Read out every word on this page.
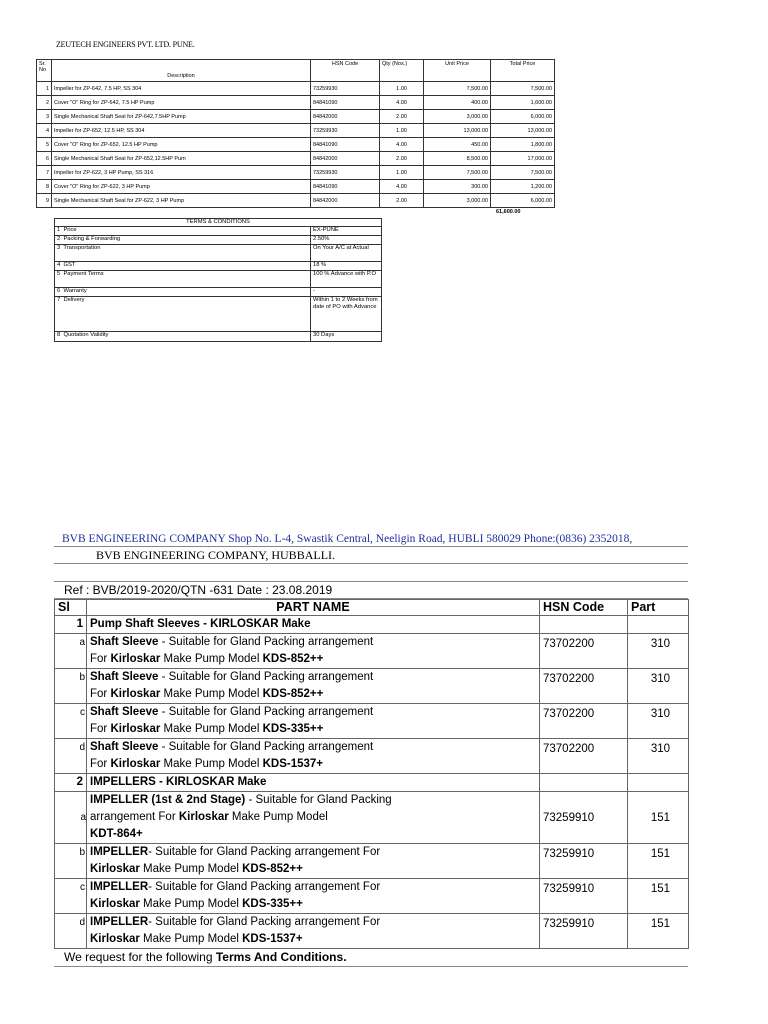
ZEUTECH ENGINEERS PVT. LTD. PUNE.
Sr. No	Description	HSN Code	Qty (Nos.)	Unit Price	Total Price
1	Impeller for ZP-642, 7.5 HP, SS 304	73259930	1.00	7,500.00	7,500.00
2	Cover "O" Ring for ZP-642, 7.5 HP Pump	84841090	4.00	400.00	1,600.00
3	Single Mechanical Shaft Seal for ZP-642,7.5HP Pump	84842000	2.00	3,000.00	6,000.00
4	Impeller for ZP-652, 12.5 HP, SS 304	73259930	1.00	13,000.00	13,000.00
5	Cover "O" Ring for ZP-652, 12.5 HP Pump	84841090	4.00	450.00	1,800.00
6	Single Mechanical Shaft Seal for ZP-652,12.5HP Pum	84842000	2.00	8,500.00	17,000.00
7	Impeller for ZP-622, 3 HP Pump, SS 316	73259930	1.00	7,500.00	7,500.00
8	Cover "O" Ring for ZP-622, 3 HP Pump	84841090	4.00	300.00	1,200.00
9	Single Mechanical Shaft Seal for ZP-622, 3 HP Pump	84842000	2.00	3,000.00	6,000.00
61,600.00
TERMS & CONDITIONS	
1  Price	EX-PUNE
2  Packing & Forwarding	2.50%
3  Transportation	On Your A/C at Actual
4  GST	18 %
5  Payment Terms	100 % Advance with P.O
6  Warranty	-
7  Delivery	Within 1 to 2 Weeks from date of PO with Advance
8  Quotation Validity	30 Days
BVB ENGINEERING COMPANY Shop No. L-4, Swastik Central, Neeligin Road, HUBLI 580029 Phone:(0836) 2352018,
BVB ENGINEERING COMPANY, HUBBALLI.
Ref : BVB/2019-2020/QTN -631 Date : 23.08.2019
Sl		PART NAME	HSN Code	Part
1		Pump Shaft Sleeves - KIRLOSKAR Make		
	a	Shaft Sleeve - Suitable for Gland Packing arrangement
For Kirloskar Make Pump Model KDS-852++	73702200	310
	b	Shaft Sleeve - Suitable for Gland Packing arrangement
For Kirloskar Make Pump Model KDS-852++	73702200	310
	c	Shaft Sleeve - Suitable for Gland Packing arrangement
For Kirloskar Make Pump Model KDS-335++	73702200	310
	d	Shaft Sleeve - Suitable for Gland Packing arrangement
For Kirloskar Make Pump Model KDS-1537+	73702200	310
2		IMPELLERS - KIRLOSKAR Make		
	a	IMPELLER (1st & 2nd Stage) - Suitable for Gland Packing
arrangement For Kirloskar Make Pump Model
KDT-864+	73259910	151
	b	IMPELLER- Suitable for Gland Packing arrangement For
Kirloskar Make Pump Model KDS-852++	73259910	151
	c	IMPELLER- Suitable for Gland Packing arrangement For
Kirloskar Make Pump Model KDS-335++	73259910	151
	d	IMPELLER- Suitable for Gland Packing arrangement For
Kirloskar Make Pump Model KDS-1537+	73259910	151
We request for the following Terms And Conditions.
